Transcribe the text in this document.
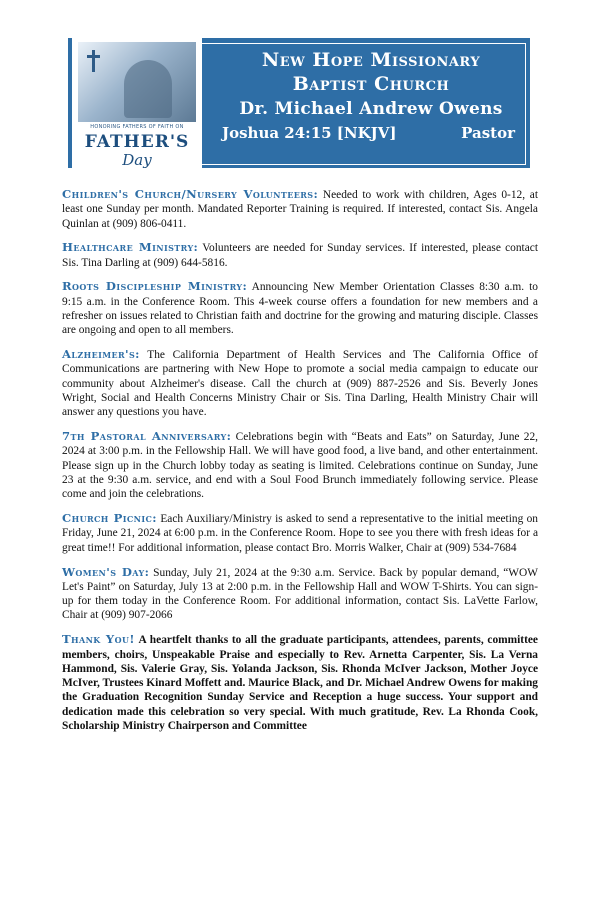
HONORING FATHERS OF FAITH ON
FATHER'S
Day
New Hope Missionary
Baptist Church
Dr. Michael Andrew Owens
Joshua 24:15 [NKJV]	Pastor
Children's Church/Nursery Volunteers: Needed to work with children, Ages 0-12, at least one Sunday per month. Mandated Reporter Training is required. If interested, contact Sis. Angela Quinlan at (909) 806-0411.
Healthcare Ministry: Volunteers are needed for Sunday services. If interested, please contact Sis. Tina Darling at (909) 644-5816.
Roots Discipleship Ministry: Announcing New Member Orientation Classes 8:30 a.m. to 9:15 a.m. in the Conference Room. This 4-week course offers a foundation for new members and a refresher on issues related to Christian faith and doctrine for the growing and maturing disciple. Classes are ongoing and open to all members.
Alzheimer's: The California Department of Health Services and The California Office of Communications are partnering with New Hope to promote a social media campaign to educate our community about Alzheimer's disease. Call the church at (909) 887-2526 and Sis. Beverly Jones Wright, Social and Health Concerns Ministry Chair or Sis. Tina Darling, Health Ministry Chair will answer any questions you have.
7th Pastoral Anniversary: Celebrations begin with “Beats and Eats” on Saturday, June 22, 2024 at 3:00 p.m. in the Fellowship Hall. We will have good food, a live band, and other entertainment. Please sign up in the Church lobby today as seating is limited. Celebrations continue on Sunday, June 23 at the 9:30 a.m. service, and end with a Soul Food Brunch immediately following service. Please come and join the celebrations.
Church Picnic: Each Auxiliary/Ministry is asked to send a representative to the initial meeting on Friday, June 21, 2024 at 6:00 p.m. in the Conference Room. Hope to see you there with fresh ideas for a great time!! For additional information, please contact Bro. Morris Walker, Chair at (909) 534-7684
Women's Day: Sunday, July 21, 2024 at the 9:30 a.m. Service. Back by popular demand, “WOW Let's Paint” on Saturday, July 13 at 2:00 p.m. in the Fellowship Hall and WOW T-Shirts. You can sign-up for them today in the Conference Room. For additional information, contact Sis. LaVette Farlow, Chair at (909) 907-2066
Thank You! A heartfelt thanks to all the graduate participants, attendees, parents, committee members, choirs, Unspeakable Praise and especially to Rev. Arnetta Carpenter, Sis. La Verna Hammond, Sis. Valerie Gray, Sis. Yolanda Jackson, Sis. Rhonda McIver Jackson, Mother Joyce McIver, Trustees Kinard Moffett and. Maurice Black, and Dr. Michael Andrew Owens for making the Graduation Recognition Sunday Service and Reception a huge success. Your support and dedication made this celebration so very special. With much gratitude, Rev. La Rhonda Cook, Scholarship Ministry Chairperson and Committee
